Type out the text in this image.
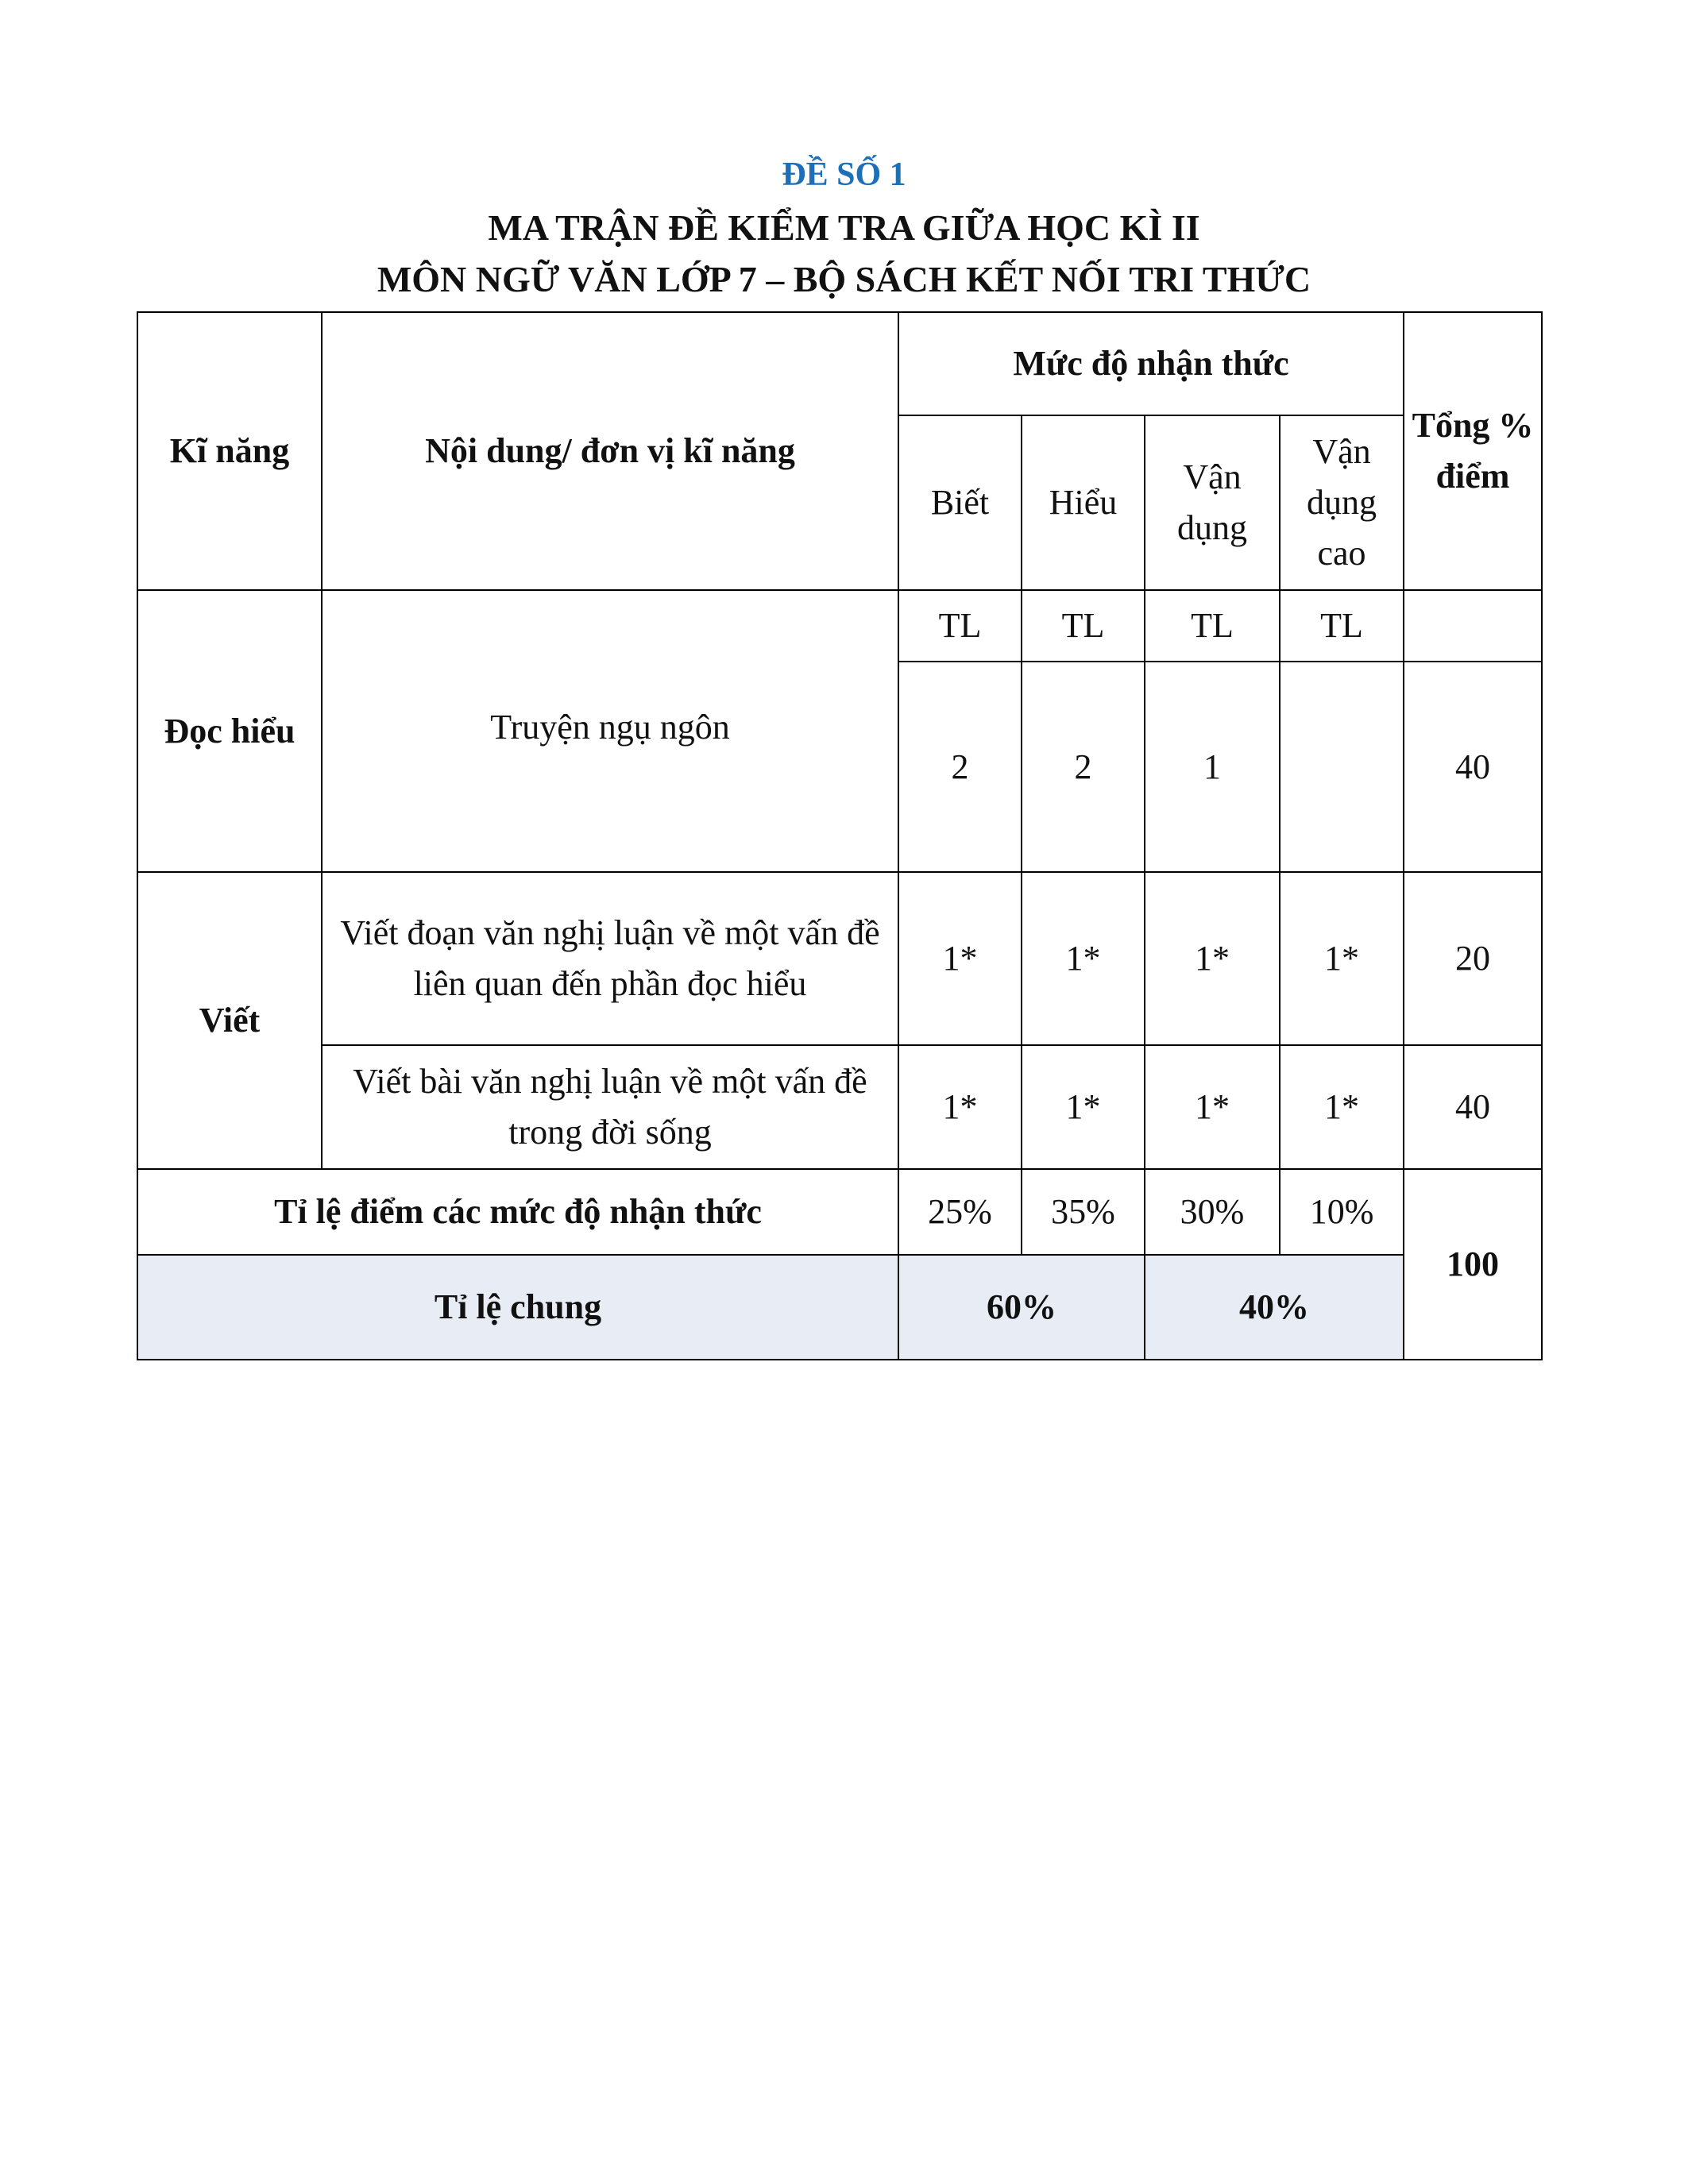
ĐỀ SỐ 1
MA TRẬN ĐỀ KIỂM TRA GIỮA HỌC KÌ II
MÔN NGỮ VĂN LỚP 7 – BỘ SÁCH KẾT NỐI TRI THỨC
Kĩ năng	Nội dung/ đơn vị kĩ năng	Mức độ nhận thức				Tổng % điểm
		Biết	Hiểu	Vận dụng	Vận dụng cao	
Đọc hiểu	Truyện ngụ ngôn	TL	TL	TL	TL	
		2	2	1		40
Viết	Viết đoạn văn nghị luận về một vấn đề liên quan đến phần đọc hiểu	1*	1*	1*	1*	20
	Viết bài văn nghị luận về một vấn đề trong đời sống	1*	1*	1*	1*	40
Tỉ lệ điểm các mức độ nhận thức		25%	35%	30%	10%	100
Tỉ lệ chung		60%		40%		
